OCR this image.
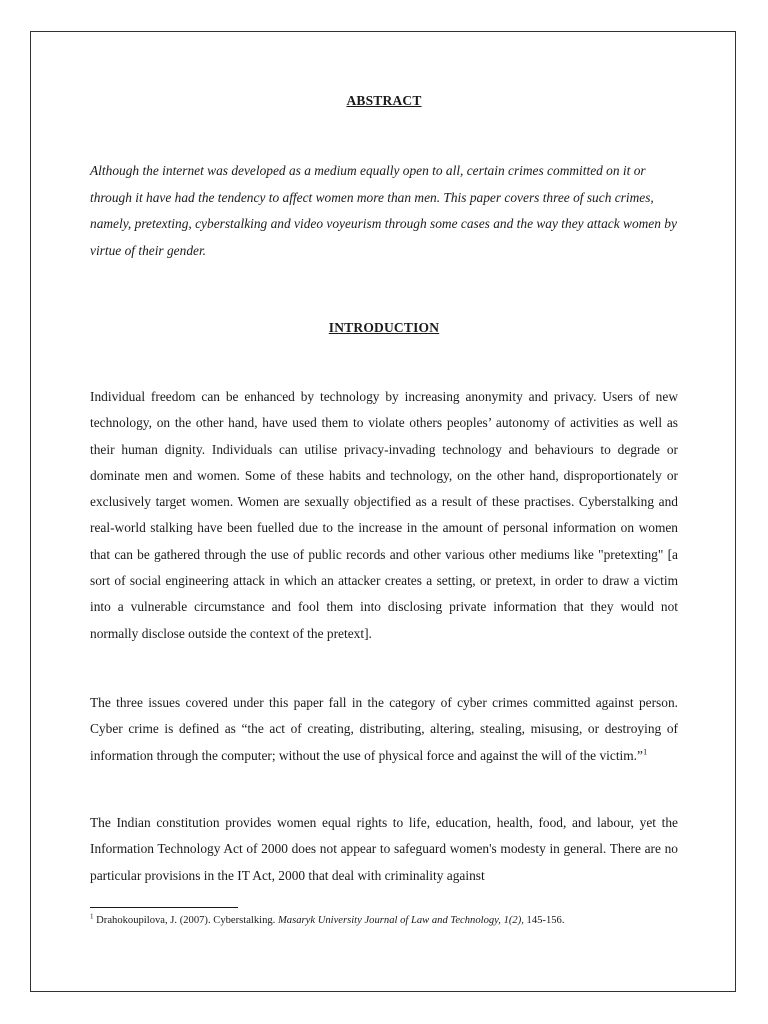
ABSTRACT

Although the internet was developed as a medium equally open to all, certain crimes committed on it or through it have had the tendency to affect women more than men. This paper covers three of such crimes, namely, pretexting, cyberstalking and video voyeurism through some cases and the way they attack women by virtue of their gender.

INTRODUCTION

Individual freedom can be enhanced by technology by increasing anonymity and privacy. Users of new technology, on the other hand, have used them to violate others peoples’ autonomy of activities as well as their human dignity. Individuals can utilise privacy-invading technology and behaviours to degrade or dominate men and women. Some of these habits and technology, on the other hand, disproportionately or exclusively target women. Women are sexually objectified as a result of these practises. Cyberstalking and real-world stalking have been fuelled due to the increase in the amount of personal information on women that can be gathered through the use of public records and other various other mediums like "pretexting" [a sort of social engineering attack in which an attacker creates a setting, or pretext, in order to draw a victim into a vulnerable circumstance and fool them into disclosing private information that they would not normally disclose outside the context of the pretext].

The three issues covered under this paper fall in the category of cyber crimes committed against person. Cyber crime is defined as “the act of creating, distributing, altering, stealing, misusing, or destroying of information through the computer; without the use of physical force and against the will of the victim.”$^1$

The Indian constitution provides women equal rights to life, education, health, food, and labour, yet the Information Technology Act of 2000 does not appear to safeguard women's modesty in general. There are no particular provisions in the IT Act, 2000 that deal with criminality against

$^1$ Drahokoupilova, J. (2007). Cyberstalking. Masaryk University Journal of Law and Technology, 1(2), 145-156.
